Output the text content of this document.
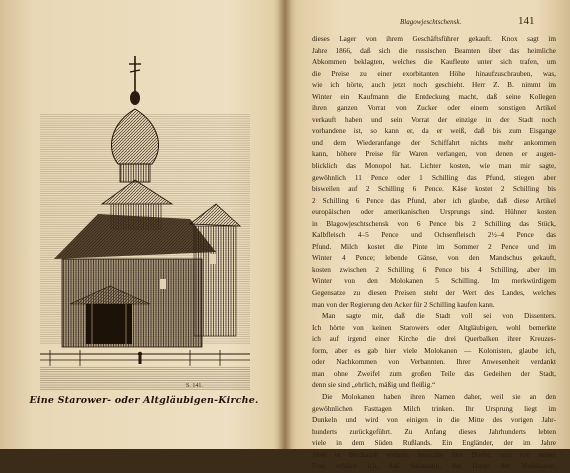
S. 141.
Eine Starower- oder Altgläubigen-Kirche.
Blagowjeschtschensk.	141
dieses Lager von ihrem Geschäftsführer gekauft. Knox sagt im
Jahre 1866, daß sich die russischen Beamten über das heimliche
Abkommen beklagten, welches die Kaufleute unter sich trafen, um
die Preise zu einer exorbitanten Höhe hinaufzuschrauben, was,
wie ich hörte, auch jetzt noch geschieht. Herr Z. B. nimmt im
Winter ein Kaufmann die Entdeckung macht, daß seine Kollegen
ihren ganzen Vorrat von Zucker oder einem sonstigen Artikel
verkauft haben und sein Vorrat der einzige in der Stadt noch
vorhandene ist, so kann er, da er weiß, daß bis zum Eisgange
und dem Wiederanfange der Schiffahrt nichts mehr ankommen
kann, höhere Preise für Waren verlangen, von denen er augen-
blicklich das Monopol hat. Lichter kosten, wie man mir sagte,
gewöhnlich 11 Pence oder 1 Schilling das Pfund, stiegen aber
bisweilen auf 2 Schilling 6 Pence. Käse kostet 2 Schilling bis
2 Schilling 6 Pence das Pfund, aber ich glaube, daß diese Artikel
europäischen oder amerikanischen Ursprungs sind. Hühner kosten
in Blagowjeschtschensk von 6 Pence bis 2 Schilling das Stück,
Kalbfleisch 4–5 Pence und Ochsenfleisch 2½–4 Pence das
Pfund. Milch kostet die Pinte im Sommer 2 Pence und im
Winter 4 Pence; lebende Gänse, von den Mandschus gekauft,
kosten zwischen 2 Schilling 6 Pence bis 4 Schilling, aber im
Winter von den Molokanen 5 Schilling. Im merkwürdigem
Gegensatze zu diesen Preisen steht der Wert des Landes, welches
man von der Regierung den Acker für 2 Schilling kaufen kann.
Man sagte mir, daß die Stadt voll sei von Dissenters.
Ich hörte von keinen Starowers oder Altgläubigen, wohl bemerkte
ich auf irgend einer Kirche die drei Querbalken ihrer Kreuzes-
form, aber es gab hier viele Molokanen — Kolonisten, glaube ich,
oder Nachkommen von Verbannten. Ihrer Anwesenheit verdankt
man ohne Zweifel zum großen Teile das Gedeihen der Stadt,
denn sie sind „ehrlich, mäßig und fleißig.“
Die Molokanen haben ihren Namen daher, weil sie an den
gewöhnlichen Fasttagen Milch trinken. Ihr Ursprung liegt im
Dunkeln und wird von einigen in die Mitte des vorigen Jahr-
hunderts zurückgeführt. Zu Anfang dieses Jahrhunderts lebten
viele in dem Süden Rußlands. Ein Engländer, der im Jahre
1848 in Berdiansk wohnte, besuchte ihre Dörfer, und von seiner
Frau erfahre ich, daß Salamatin, das Haupt der Molokanen,
